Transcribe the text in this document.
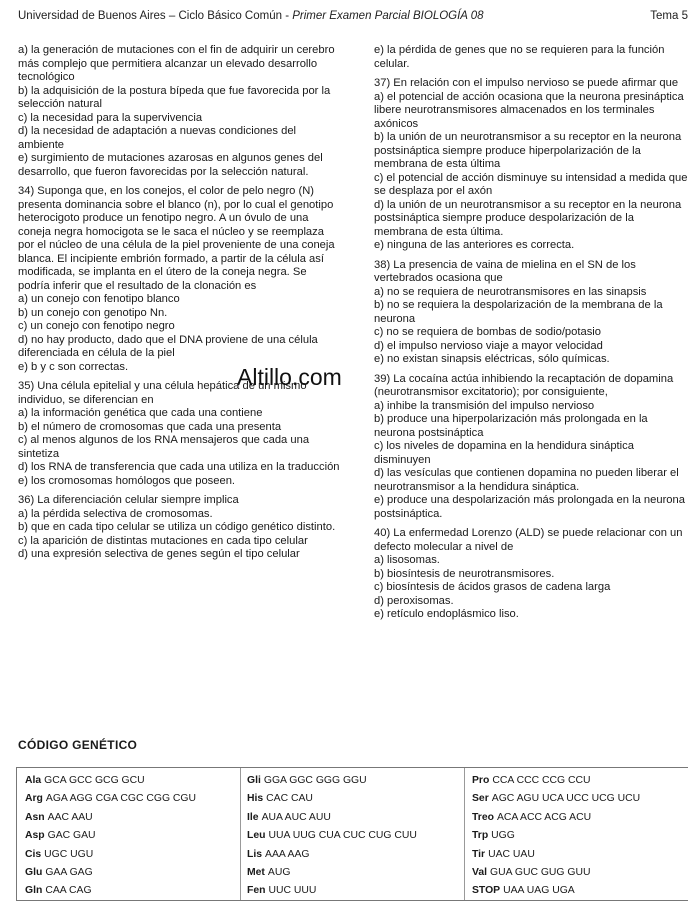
Universidad de Buenos Aires – Ciclo Básico Común - Primer Examen Parcial BIOLOGÍA 08	Tema 5
a) la generación de mutaciones con el fin de adquirir un cerebro más complejo que permitiera alcanzar un elevado desarrollo tecnológico
b) la adquisición de la postura bípeda que fue favorecida por la selección natural
c) la necesidad para la supervivencia
d) la necesidad de adaptación a nuevas condiciones del ambiente
e) surgimiento de mutaciones azarosas en algunos genes del desarrollo, que fueron favorecidas por la selección natural.
34) Suponga que, en los conejos, el color de pelo negro (N) presenta dominancia sobre el blanco (n), por lo cual el genotipo heterocigoto produce un fenotipo negro. A un óvulo de una coneja negra homocigota se le saca el núcleo y se reemplaza por el núcleo de una célula de la piel proveniente de una coneja blanca. El incipiente embrión formado, a partir de la célula así modificada, se implanta en el útero de la coneja negra. Se podría inferir que el resultado de la clonación es
a) un conejo con fenotipo blanco
b) un conejo con genotipo Nn.
c) un conejo con fenotipo negro
d) no hay producto, dado que el DNA proviene de una célula diferenciada en célula de la piel
e) b y c son correctas.
35) Una célula epitelial y una célula hepática de un mismo individuo, se diferencian en
a) la información genética que cada una contiene
b) el número de cromosomas que cada una presenta
c) al menos algunos de los RNA mensajeros que cada una sintetiza
d) los RNA de transferencia que cada una utiliza en la traducción
e) los cromosomas homólogos que poseen.
36) La diferenciación celular siempre implica
a) la pérdida selectiva de cromosomas.
b) que en cada tipo celular se utiliza un código genético distinto.
c) la aparición de distintas mutaciones en cada tipo celular
d) una expresión selectiva de genes según el tipo celular
e) la pérdida de genes que no se requieren para la función celular.
37) En relación con el impulso nervioso se puede afirmar que
a) el potencial de acción ocasiona que la neurona presináptica libere neurotransmisores almacenados en los terminales axónicos
b) la unión de un neurotransmisor a su receptor en la neurona postsináptica siempre produce hiperpolarización de la membrana de esta última
c) el potencial de acción disminuye su intensidad a medida que se desplaza por el axón
d) la unión de un neurotransmisor a su receptor en la neurona postsináptica siempre produce despolarización de la membrana de esta última.
e) ninguna de las anteriores es correcta.
38) La presencia de vaina de mielina en el SN de los vertebrados ocasiona que
a) no se requiera de neurotransmisores en las sinapsis
b) no se requiera la despolarización de la membrana de la neurona
c) no se requiera de bombas de sodio/potasio
d) el impulso nervioso viaje a mayor velocidad
e) no existan sinapsis eléctricas, sólo químicas.
39) La cocaína actúa inhibiendo la recaptación de dopamina (neurotransmisor excitatorio); por consiguiente,
a) inhibe la transmisión del impulso nervioso
b) produce una hiperpolarización más prolongada en la neurona postsináptica
c) los niveles de dopamina en la hendidura sináptica disminuyen
d) las vesículas que contienen dopamina no pueden liberar el neurotransmisor a la hendidura sináptica.
e) produce una despolarización más prolongada en la neurona postsináptica.
40) La enfermedad Lorenzo (ALD) se puede relacionar con un defecto molecular a nivel de
a) lisosomas.
b) biosíntesis de neurotransmisores.
c) biosíntesis de ácidos grasos de cadena larga
d) peroxisomas.
e) retículo endoplásmico liso.
Altillo.com
CÓDIGO GENÉTICO
Ala GCA GCC GCG GCU
Arg AGA AGG CGA CGC CGG CGU
Asn AAC AAU
Asp GAC GAU
Cis UGC UGU
Glu GAA GAG
Gln CAA CAG
Gli GGA GGC GGG GGU
His CAC CAU
Ile AUA AUC AUU
Leu UUA UUG CUA CUC CUG CUU
Lis AAA AAG
Met AUG
Fen UUC UUU
Pro CCA CCC CCG CCU
Ser AGC AGU UCA UCC UCG UCU
Treo ACA ACC ACG ACU
Trp UGG
Tir UAC UAU
Val GUA GUC GUG GUU
STOP UAA UAG UGA
